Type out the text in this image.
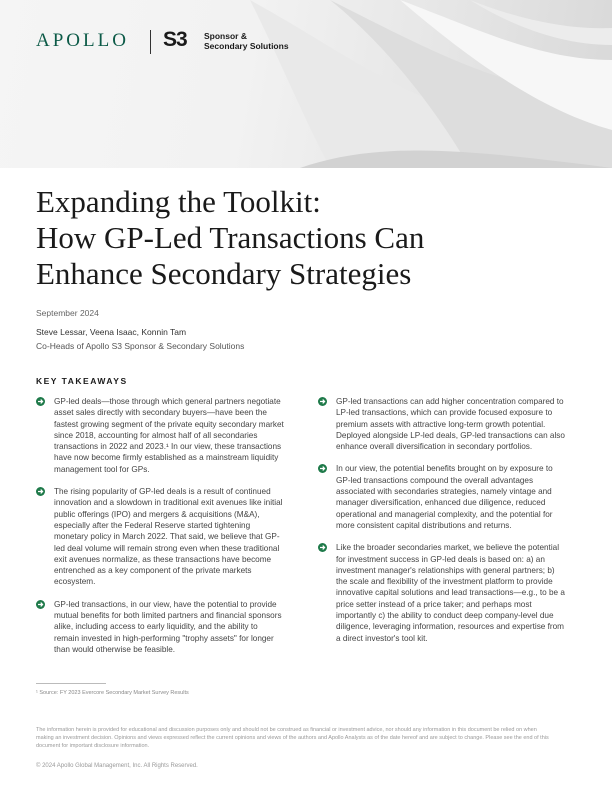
APOLLO S3 Sponsor &
Secondary Solutions
Expanding the Toolkit:
How GP-Led Transactions Can
Enhance Secondary Strategies
September 2024
Steve Lessar, Veena Isaac, Konnin Tam
Co-Heads of Apollo S3 Sponsor & Secondary Solutions
KEY TAKEAWAYS
GP-led deals—those through which general partners negotiate asset sales directly with secondary buyers—have been the fastest growing segment of the private equity secondary market since 2018, accounting for almost half of all secondaries transactions in 2022 and 2023.¹ In our view, these transactions have now become firmly established as a mainstream liquidity management tool for GPs.
The rising popularity of GP-led deals is a result of continued innovation and a slowdown in traditional exit avenues like initial public offerings (IPO) and mergers & acquisitions (M&A), especially after the Federal Reserve started tightening monetary policy in March 2022. That said, we believe that GP-led deal volume will remain strong even when these traditional exit avenues normalize, as these transactions have become entrenched as a key component of the private markets ecosystem.
GP-led transactions, in our view, have the potential to provide mutual benefits for both limited partners and financial sponsors alike, including access to early liquidity, and the ability to remain invested in high-performing "trophy assets" for longer than would otherwise be feasible.
GP-led transactions can add higher concentration compared to LP-led transactions, which can provide focused exposure to premium assets with attractive long-term growth potential. Deployed alongside LP-led deals, GP-led transactions can also enhance overall diversification in secondary portfolios.
In our view, the potential benefits brought on by exposure to GP-led transactions compound the overall advantages associated with secondaries strategies, namely vintage and manager diversification, enhanced due diligence, reduced operational and managerial complexity, and the potential for more consistent capital distributions and returns.
Like the broader secondaries market, we believe the potential for investment success in GP-led deals is based on: a) an investment manager's relationships with general partners; b) the scale and flexibility of the investment platform to provide innovative capital solutions and lead transactions—e.g., to be a price setter instead of a price taker; and perhaps most importantly c) the ability to conduct deep company-level due diligence, leveraging information, resources and expertise from a direct investor's tool kit.
¹ Source: FY 2023 Evercore Secondary Market Survey Results
The information herein is provided for educational and discussion purposes only and should not be construed as financial or investment advice, nor should any information in this document be relied on when making an investment decision. Opinions and views expressed reflect the current opinions and views of the authors and Apollo Analysts as of the date hereof and are subject to change. Please see the end of this document for important disclosure information.
© 2024 Apollo Global Management, Inc. All Rights Reserved.
